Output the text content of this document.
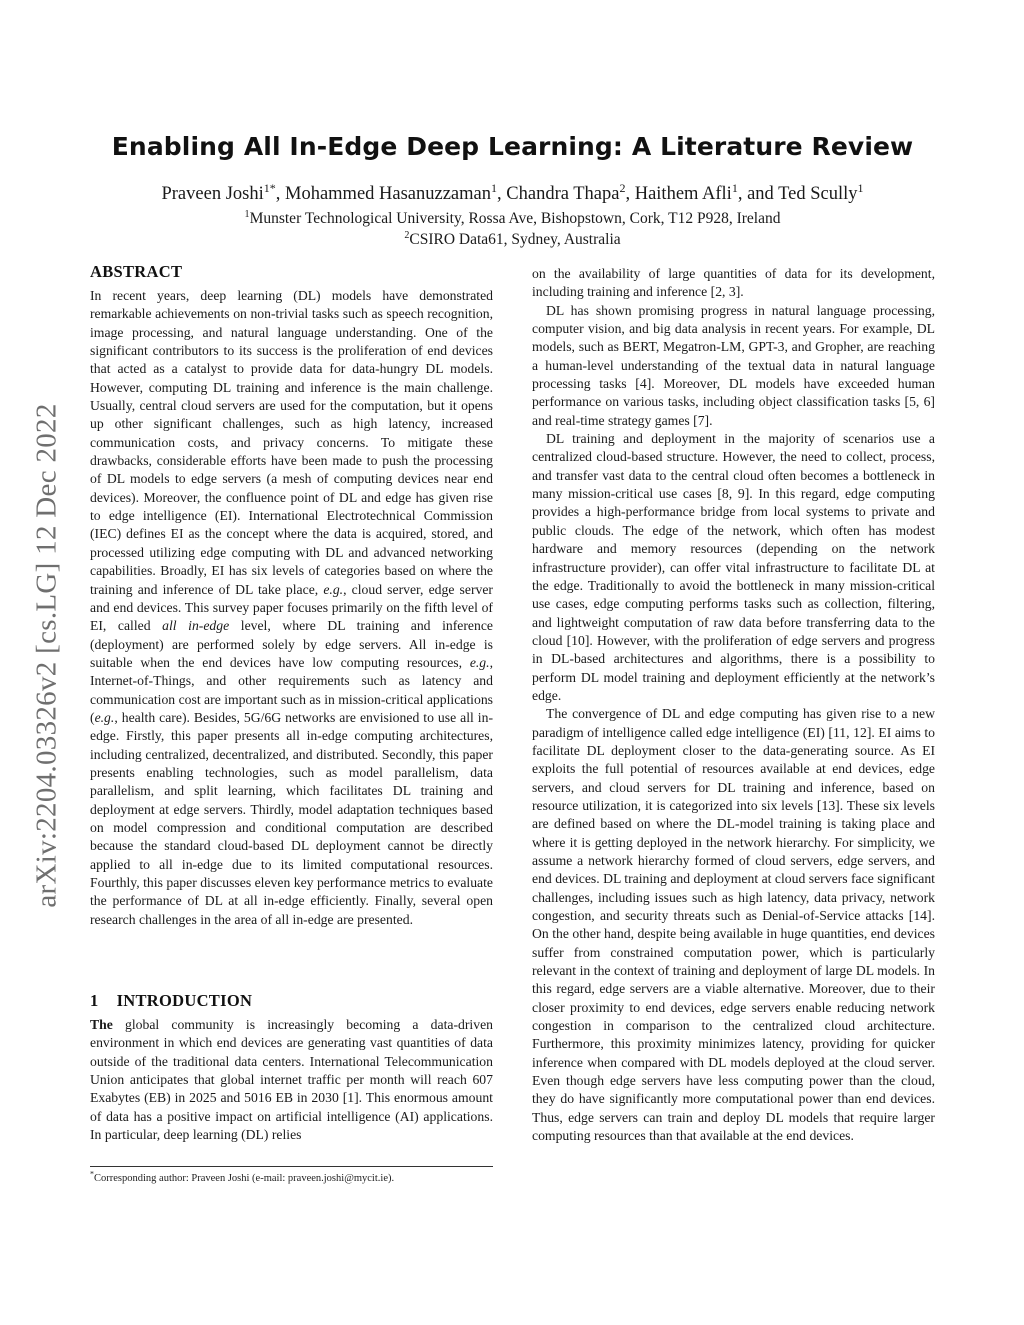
arXiv:2204.03326v2 [cs.LG] 12 Dec 2022
Enabling All In-Edge Deep Learning: A Literature Review

Praveen Joshi$^{1*}$, Mohammed Hasanuzzaman$^1$, Chandra Thapa$^2$, Haithem Afli$^1$, and Ted Scully$^1$

$^1$Munster Technological University, Rossa Ave, Bishopstown, Cork, T12 P928, Ireland

$^2$CSIRO Data61, Sydney, Australia

ABSTRACT

In recent years, deep learning (DL) models have demonstrated remarkable achievements on non-trivial tasks such as speech recognition, image processing, and natural language understanding. One of the significant contributors to its success is the proliferation of end devices that acted as a catalyst to provide data for data-hungry DL models. However, computing DL training and inference is the main challenge. Usually, central cloud servers are used for the computation, but it opens up other significant challenges, such as high latency, increased communication costs, and privacy concerns. To mitigate these drawbacks, considerable efforts have been made to push the processing of DL models to edge servers (a mesh of computing devices near end devices). Moreover, the confluence point of DL and edge has given rise to edge intelligence (EI). International Electrotechnical Commission (IEC) defines EI as the concept where the data is acquired, stored, and processed utilizing edge computing with DL and advanced networking capabilities. Broadly, EI has six levels of categories based on where the training and inference of DL take place, e.g., cloud server, edge server and end devices. This survey paper focuses primarily on the fifth level of EI, called all in-edge level, where DL training and inference (deployment) are performed solely by edge servers. All in-edge is suitable when the end devices have low computing resources, e.g., Internet-of-Things, and other requirements such as latency and communication cost are important such as in mission-critical applications (e.g., health care). Besides, 5G/6G networks are envisioned to use all in-edge. Firstly, this paper presents all in-edge computing architectures, including centralized, decentralized, and distributed. Secondly, this paper presents enabling technologies, such as model parallelism, data parallelism, and split learning, which facilitates DL training and deployment at edge servers. Thirdly, model adaptation techniques based on model compression and conditional computation are described because the standard cloud-based DL deployment cannot be directly applied to all in-edge due to its limited computational resources. Fourthly, this paper discusses eleven key performance metrics to evaluate the performance of DL at all in-edge efficiently. Finally, several open research challenges in the area of all in-edge are presented.

1 INTRODUCTION

The global community is increasingly becoming a data-driven environment in which end devices are generating vast quantities of data outside of the traditional data centers. International Telecommunication Union anticipates that global internet traffic per month will reach 607 Exabytes (EB) in 2025 and 5016 EB in 2030 [1]. This enormous amount of data has a positive impact on artificial intelligence (AI) applications. In particular, deep learning (DL) relies

*Corresponding author: Praveen Joshi (e-mail: praveen.joshi@mycit.ie).

on the availability of large quantities of data for its development, including training and inference [2, 3].

DL has shown promising progress in natural language processing, computer vision, and big data analysis in recent years. For example, DL models, such as BERT, Megatron-LM, GPT-3, and Gropher, are reaching a human-level understanding of the textual data in natural language processing tasks [4]. Moreover, DL models have exceeded human performance on various tasks, including object classification tasks [5, 6] and real-time strategy games [7].

DL training and deployment in the majority of scenarios use a centralized cloud-based structure. However, the need to collect, process, and transfer vast data to the central cloud often becomes a bottleneck in many mission-critical use cases [8, 9]. In this regard, edge computing provides a high-performance bridge from local systems to private and public clouds. The edge of the network, which often has modest hardware and memory resources (depending on the network infrastructure provider), can offer vital infrastructure to facilitate DL at the edge. Traditionally to avoid the bottleneck in many mission-critical use cases, edge computing performs tasks such as collection, filtering, and lightweight computation of raw data before transferring data to the cloud [10]. However, with the proliferation of edge servers and progress in DL-based architectures and algorithms, there is a possibility to perform DL model training and deployment efficiently at the network’s edge.

The convergence of DL and edge computing has given rise to a new paradigm of intelligence called edge intelligence (EI) [11, 12]. EI aims to facilitate DL deployment closer to the data-generating source. As EI exploits the full potential of resources available at end devices, edge servers, and cloud servers for DL training and inference, based on resource utilization, it is categorized into six levels [13]. These six levels are defined based on where the DL-model training is taking place and where it is getting deployed in the network hierarchy. For simplicity, we assume a network hierarchy formed of cloud servers, edge servers, and end devices. DL training and deployment at cloud servers face significant challenges, including issues such as high latency, data privacy, network congestion, and security threats such as Denial-of-Service attacks [14]. On the other hand, despite being available in huge quantities, end devices suffer from constrained computation power, which is particularly relevant in the context of training and deployment of large DL models. In this regard, edge servers are a viable alternative. Moreover, due to their closer proximity to end devices, edge servers enable reducing network congestion in comparison to the centralized cloud architecture. Furthermore, this proximity minimizes latency, providing for quicker inference when compared with DL models deployed at the cloud server. Even though edge servers have less computing power than the cloud, they do have significantly more computational power than end devices. Thus, edge servers can train and deploy DL models that require larger computing resources than that available at the end devices.
